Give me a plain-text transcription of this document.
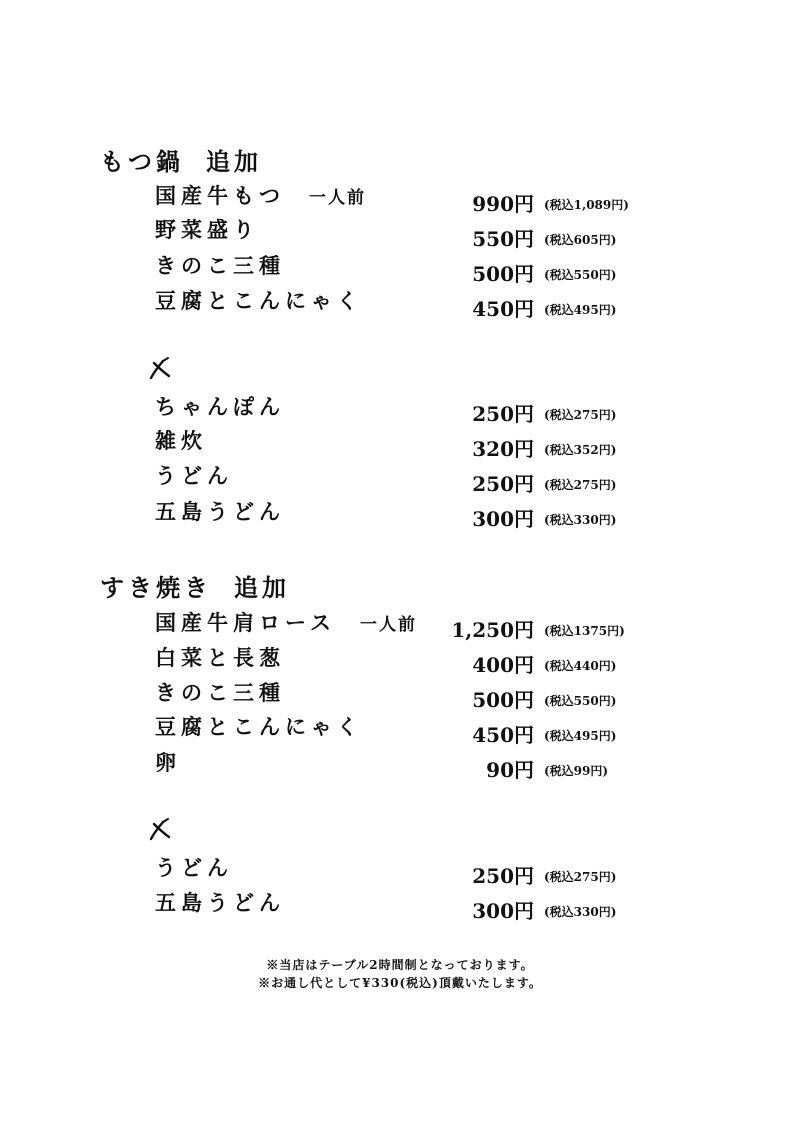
もつ鍋 追加
国産牛もつ 一人前	990円 (税込1,089円)
野菜盛り	550円 (税込605円)
きのこ三種	500円 (税込550円)
豆腐とこんにゃく	450円 (税込495円)
ちゃんぽん	250円 (税込275円)
雑炊	320円 (税込352円)
うどん	250円 (税込275円)
五島うどん	300円 (税込330円)
すき焼き 追加
国産牛肩ロース 一人前 1,250円 (税込1375円)
白菜と長葱	400円 (税込440円)
きのこ三種	500円 (税込550円)
豆腐とこんにゃく	450円 (税込495円)
卵	90円 (税込99円)
うどん	250円 (税込275円)
五島うどん	300円 (税込330円)
※当店はテーブル2時間制となっております。
※お通し代として¥330(税込)頂戴いたします。
